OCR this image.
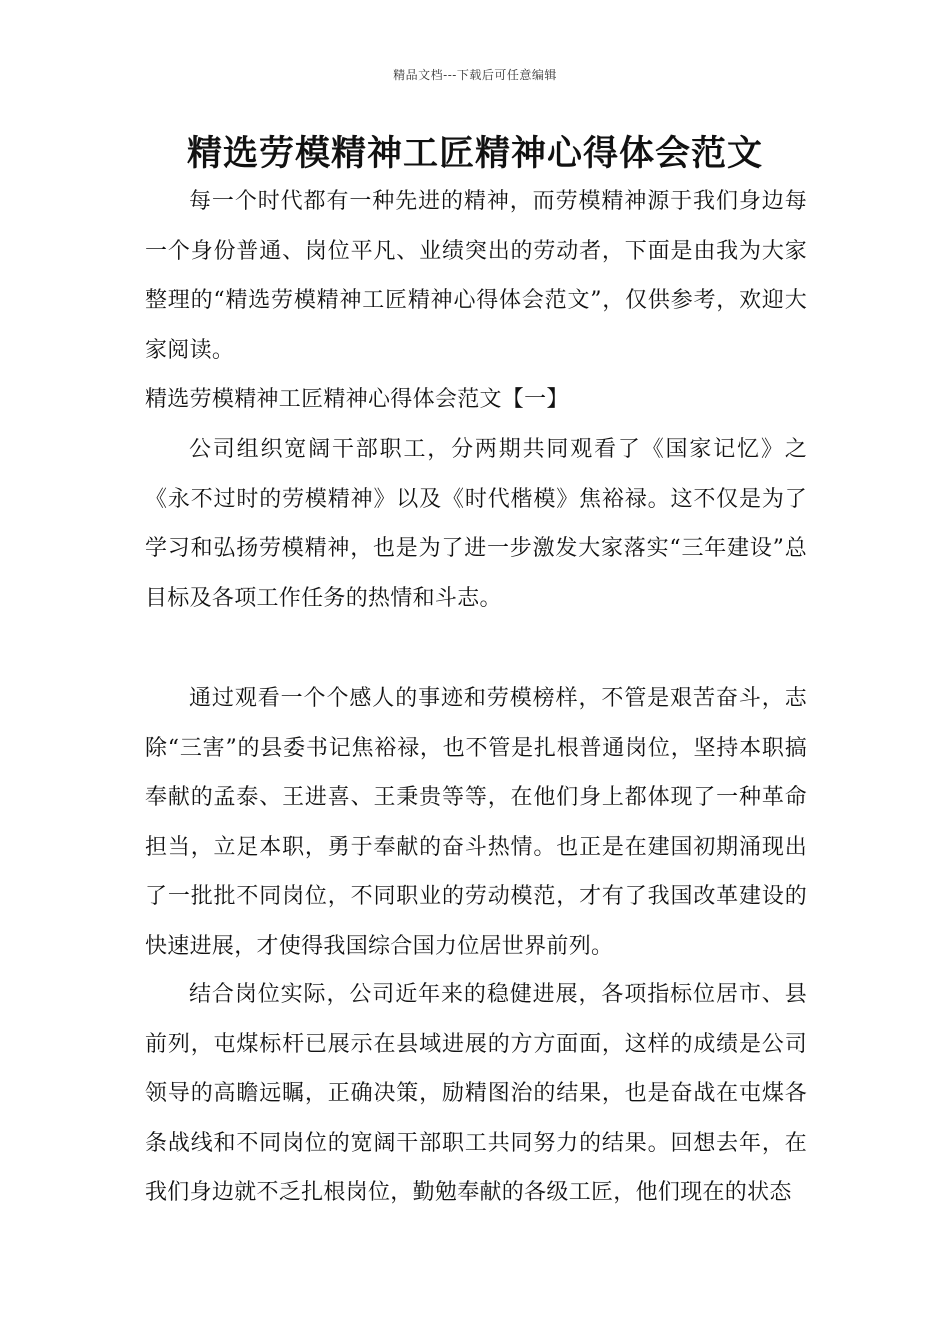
精品文档---下载后可任意编辑
精选劳模精神工匠精神心得体会范文

每一个时代都有一种先进的精神，而劳模精神源于我们身边每一个身份普通、岗位平凡、业绩突出的劳动者，下面是由我为大家整理的“精选劳模精神工匠精神心得体会范文”，仅供参考，欢迎大家阅读。

精选劳模精神工匠精神心得体会范文【一】

公司组织宽阔干部职工，分两期共同观看了《国家记忆》之《永不过时的劳模精神》以及《时代楷模》焦裕禄。这不仅是为了学习和弘扬劳模精神，也是为了进一步激发大家落实“三年建设”总目标及各项工作任务的热情和斗志。

通过观看一个个感人的事迹和劳模榜样，不管是艰苦奋斗，志除“三害”的县委书记焦裕禄，也不管是扎根普通岗位，坚持本职搞奉献的孟泰、王进喜、王秉贵等等，在他们身上都体现了一种革命担当，立足本职，勇于奉献的奋斗热情。也正是在建国初期涌现出了一批批不同岗位，不同职业的劳动模范，才有了我国改革建设的快速进展，才使得我国综合国力位居世界前列。

结合岗位实际，公司近年来的稳健进展，各项指标位居市、县前列，屯煤标杆已展示在县域进展的方方面面，这样的成绩是公司领导的高瞻远瞩，正确决策，励精图治的结果，也是奋战在屯煤各条战线和不同岗位的宽阔干部职工共同努力的结果。回想去年，在我们身边就不乏扎根岗位，勤勉奉献的各级工匠，他们现在的状态
